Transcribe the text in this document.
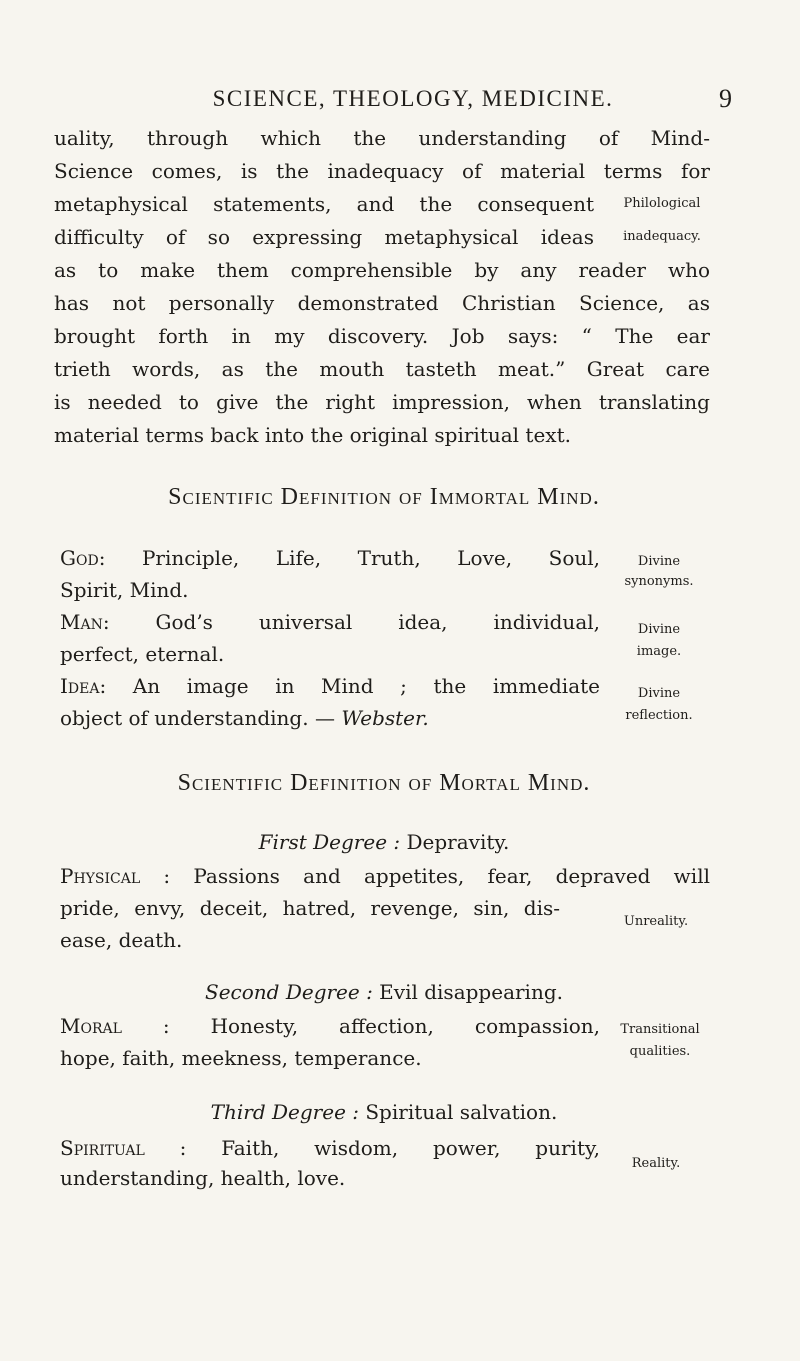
SCIENCE, THEOLOGY, MEDICINE.	9
uality, through which the understanding of Mind-
Science comes, is the inadequacy of material terms for
metaphysical statements, and the consequent
difficulty of so expressing metaphysical ideas
Philological
inadequacy.
as to make them comprehensible by any reader who
has not personally demonstrated Christian Science, as
brought forth in my discovery. Job says: “ The ear
trieth words, as the mouth tasteth meat.” Great care
is needed to give the right impression, when translating
material terms back into the original spiritual text.
Scientific Definition of Immortal Mind.
God: Principle, Life, Truth, Love, Soul,
Spirit, Mind.
Divine
synonyms.
Man: God’s universal idea, individual,
perfect, eternal.
Divine
image.
Idea: An image in Mind ; the immediate
object of understanding. — Webster.
Divine
reflection.
Scientific Definition of Mortal Mind.
First Degree : Depravity.
Physical : Passions and appetites, fear, depraved will
pride, envy, deceit, hatred, revenge, sin, dis-
ease, death.
Unreality.
Second Degree : Evil disappearing.
Moral : Honesty, affection, compassion,
hope, faith, meekness, temperance.
Transitional
qualities.
Third Degree : Spiritual salvation.
Spiritual : Faith, wisdom, power, purity,
understanding, health, love.
Reality.
